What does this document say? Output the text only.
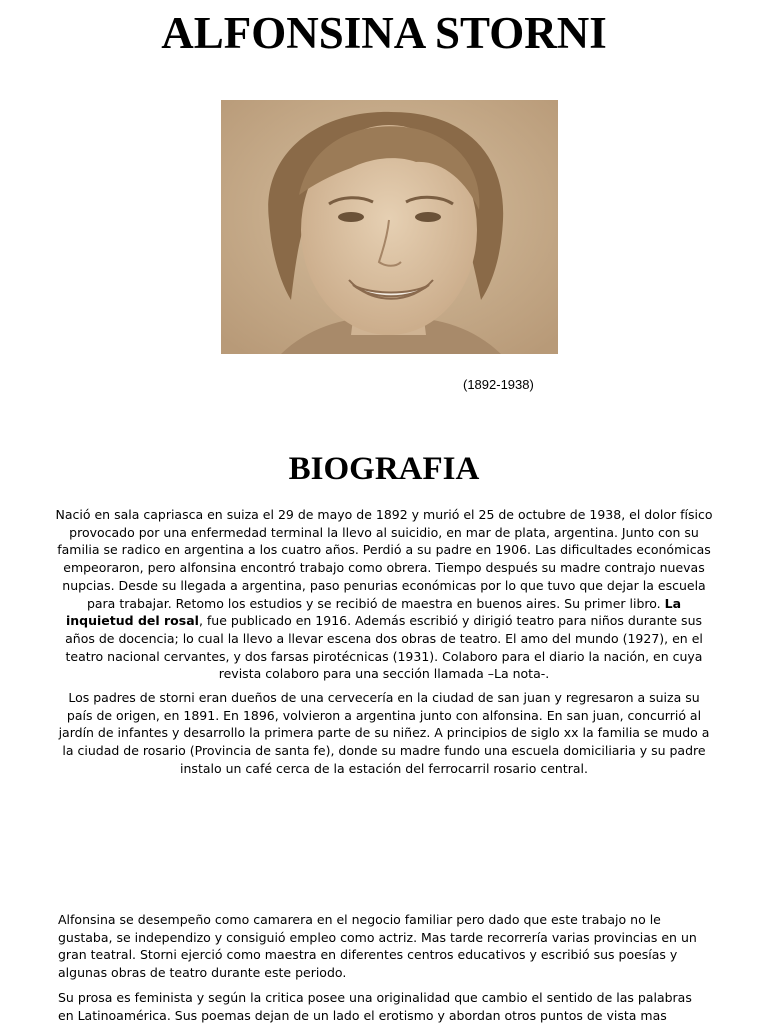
ALFONSINA STORNI
(1892-1938)
BIOGRAFIA

Nació en sala capriasca en suiza el 29 de mayo de 1892 y murió el 25 de octubre de 1938, el dolor físico provocado por una enfermedad terminal la llevo al suicidio, en mar de plata, argentina. Junto con su familia se radico en argentina a los cuatro años. Perdió a su padre en 1906. Las dificultades económicas empeoraron, pero alfonsina encontró trabajo como obrera. Tiempo después su madre contrajo nuevas nupcias. Desde su llegada a argentina, paso penurias económicas por lo que tuvo que dejar la escuela para trabajar. Retomo los estudios y se recibió de maestra en buenos aires. Su primer libro. La inquietud del rosal, fue publicado en 1916. Además escribió y dirigió teatro para niños durante sus años de docencia; lo cual la llevo a llevar escena dos obras de teatro. El amo del mundo (1927), en el teatro nacional cervantes, y dos farsas pirotécnicas (1931). Colaboro para el diario la nación, en cuya revista colaboro para una sección llamada –La nota-.

Los padres de storni eran dueños de una cervecería en la ciudad de san juan y regresaron a suiza su país de origen, en 1891. En 1896, volvieron a argentina junto con alfonsina. En san juan, concurrió al jardín de infantes y desarrollo la primera parte de su niñez. A principios de siglo xx la familia se mudo a la ciudad de rosario (Provincia de santa fe), donde su madre fundo una escuela domiciliaria y su padre instalo un café cerca de la estación del ferrocarril rosario central.

Alfonsina se desempeño como camarera en el negocio familiar pero dado que este trabajo no le gustaba, se independizo y consiguió empleo como actriz. Mas tarde recorrería varias provincias en un gran teatral. Storni ejerció como maestra en diferentes centros educativos y escribió sus poesías y algunas obras de teatro durante este periodo.

Su prosa es feminista y según la critica posee una originalidad que cambio el sentido de las palabras en Latinoamérica. Sus poemas dejan de un lado el erotismo y abordan otros puntos de vista mas
